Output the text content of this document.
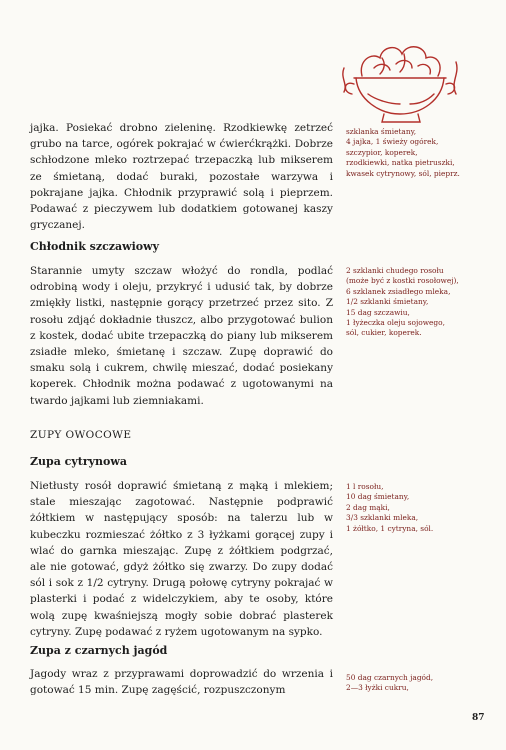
jajka. Posiekać drobno zieleninę. Rzodkiewkę zetrzeć grubo na tarce, ogórek pokrajać w ćwierćkrążki. Dobrze schłodzone mleko roztrzepać trzepaczką lub mikserem ze śmietaną, dodać buraki, pozostałe warzywa i pokrajane jajka. Chłodnik przyprawić solą i pieprzem. Podawać z pieczywem lub dodatkiem gotowanej kaszy gryczanej.

szklanka śmietany,
4 jajka, 1 świeży ogórek,
szczypior, koperek,
rzodkiewki, natka pietruszki,
kwasek cytrynowy, sól, pieprz.
Chłodnik szczawiowy

Starannie umyty szczaw włożyć do rondla, podlać odrobiną wody i oleju, przykryć i udusić tak, by dobrze zmiękły listki, następnie gorący przetrzeć przez sito. Z rosołu zdjąć dokładnie tłuszcz, albo przygotować bulion z kostek, dodać ubite trzepaczką do piany lub mikserem zsiadłe mleko, śmietanę i szczaw. Zupę doprawić do smaku solą i cukrem, chwilę mieszać, dodać posiekany koperek. Chłodnik można podawać z ugotowanymi na twardo jajkami lub ziemniakami.

2 szklanki chudego rosołu
(może być z kostki rosołowej),
6 szklanek zsiadłego mleka,
1/2 szklanki śmietany,
15 dag szczawiu,
1 łyżeczka oleju sojowego,
sól, cukier, koperek.
ZUPY OWOCOWE
Zupa cytrynowa

Nietłusty rosół doprawić śmietaną z mąką i mlekiem; stale mieszając zagotować. Następnie podprawić żółtkiem w następujący sposób: na talerzu lub w kubeczku rozmieszać żółtko z 3 łyżkami gorącej zupy i wlać do garnka mieszając. Zupę z żółtkiem podgrzać, ale nie gotować, gdyż żółtko się zwarzy. Do zupy dodać sól i sok z 1/2 cytryny. Drugą połowę cytryny pokrajać w plasterki i podać z widelczykiem, aby te osoby, które wolą zupę kwaśniejszą mogły sobie dobrać plasterek cytryny. Zupę podawać z ryżem ugotowanym na sypko.

1 l rosołu,
10 dag śmietany,
2 dag mąki,
3/3 szklanki mleka,
1 żółtko, 1 cytryna, sól.
Zupa z czarnych jagód

Jagody wraz z przyprawami doprowadzić do wrzenia i gotować 15 min. Zupę zagęścić, rozpuszczonym

50 dag czarnych jagód,
2—3 łyżki cukru,
87
